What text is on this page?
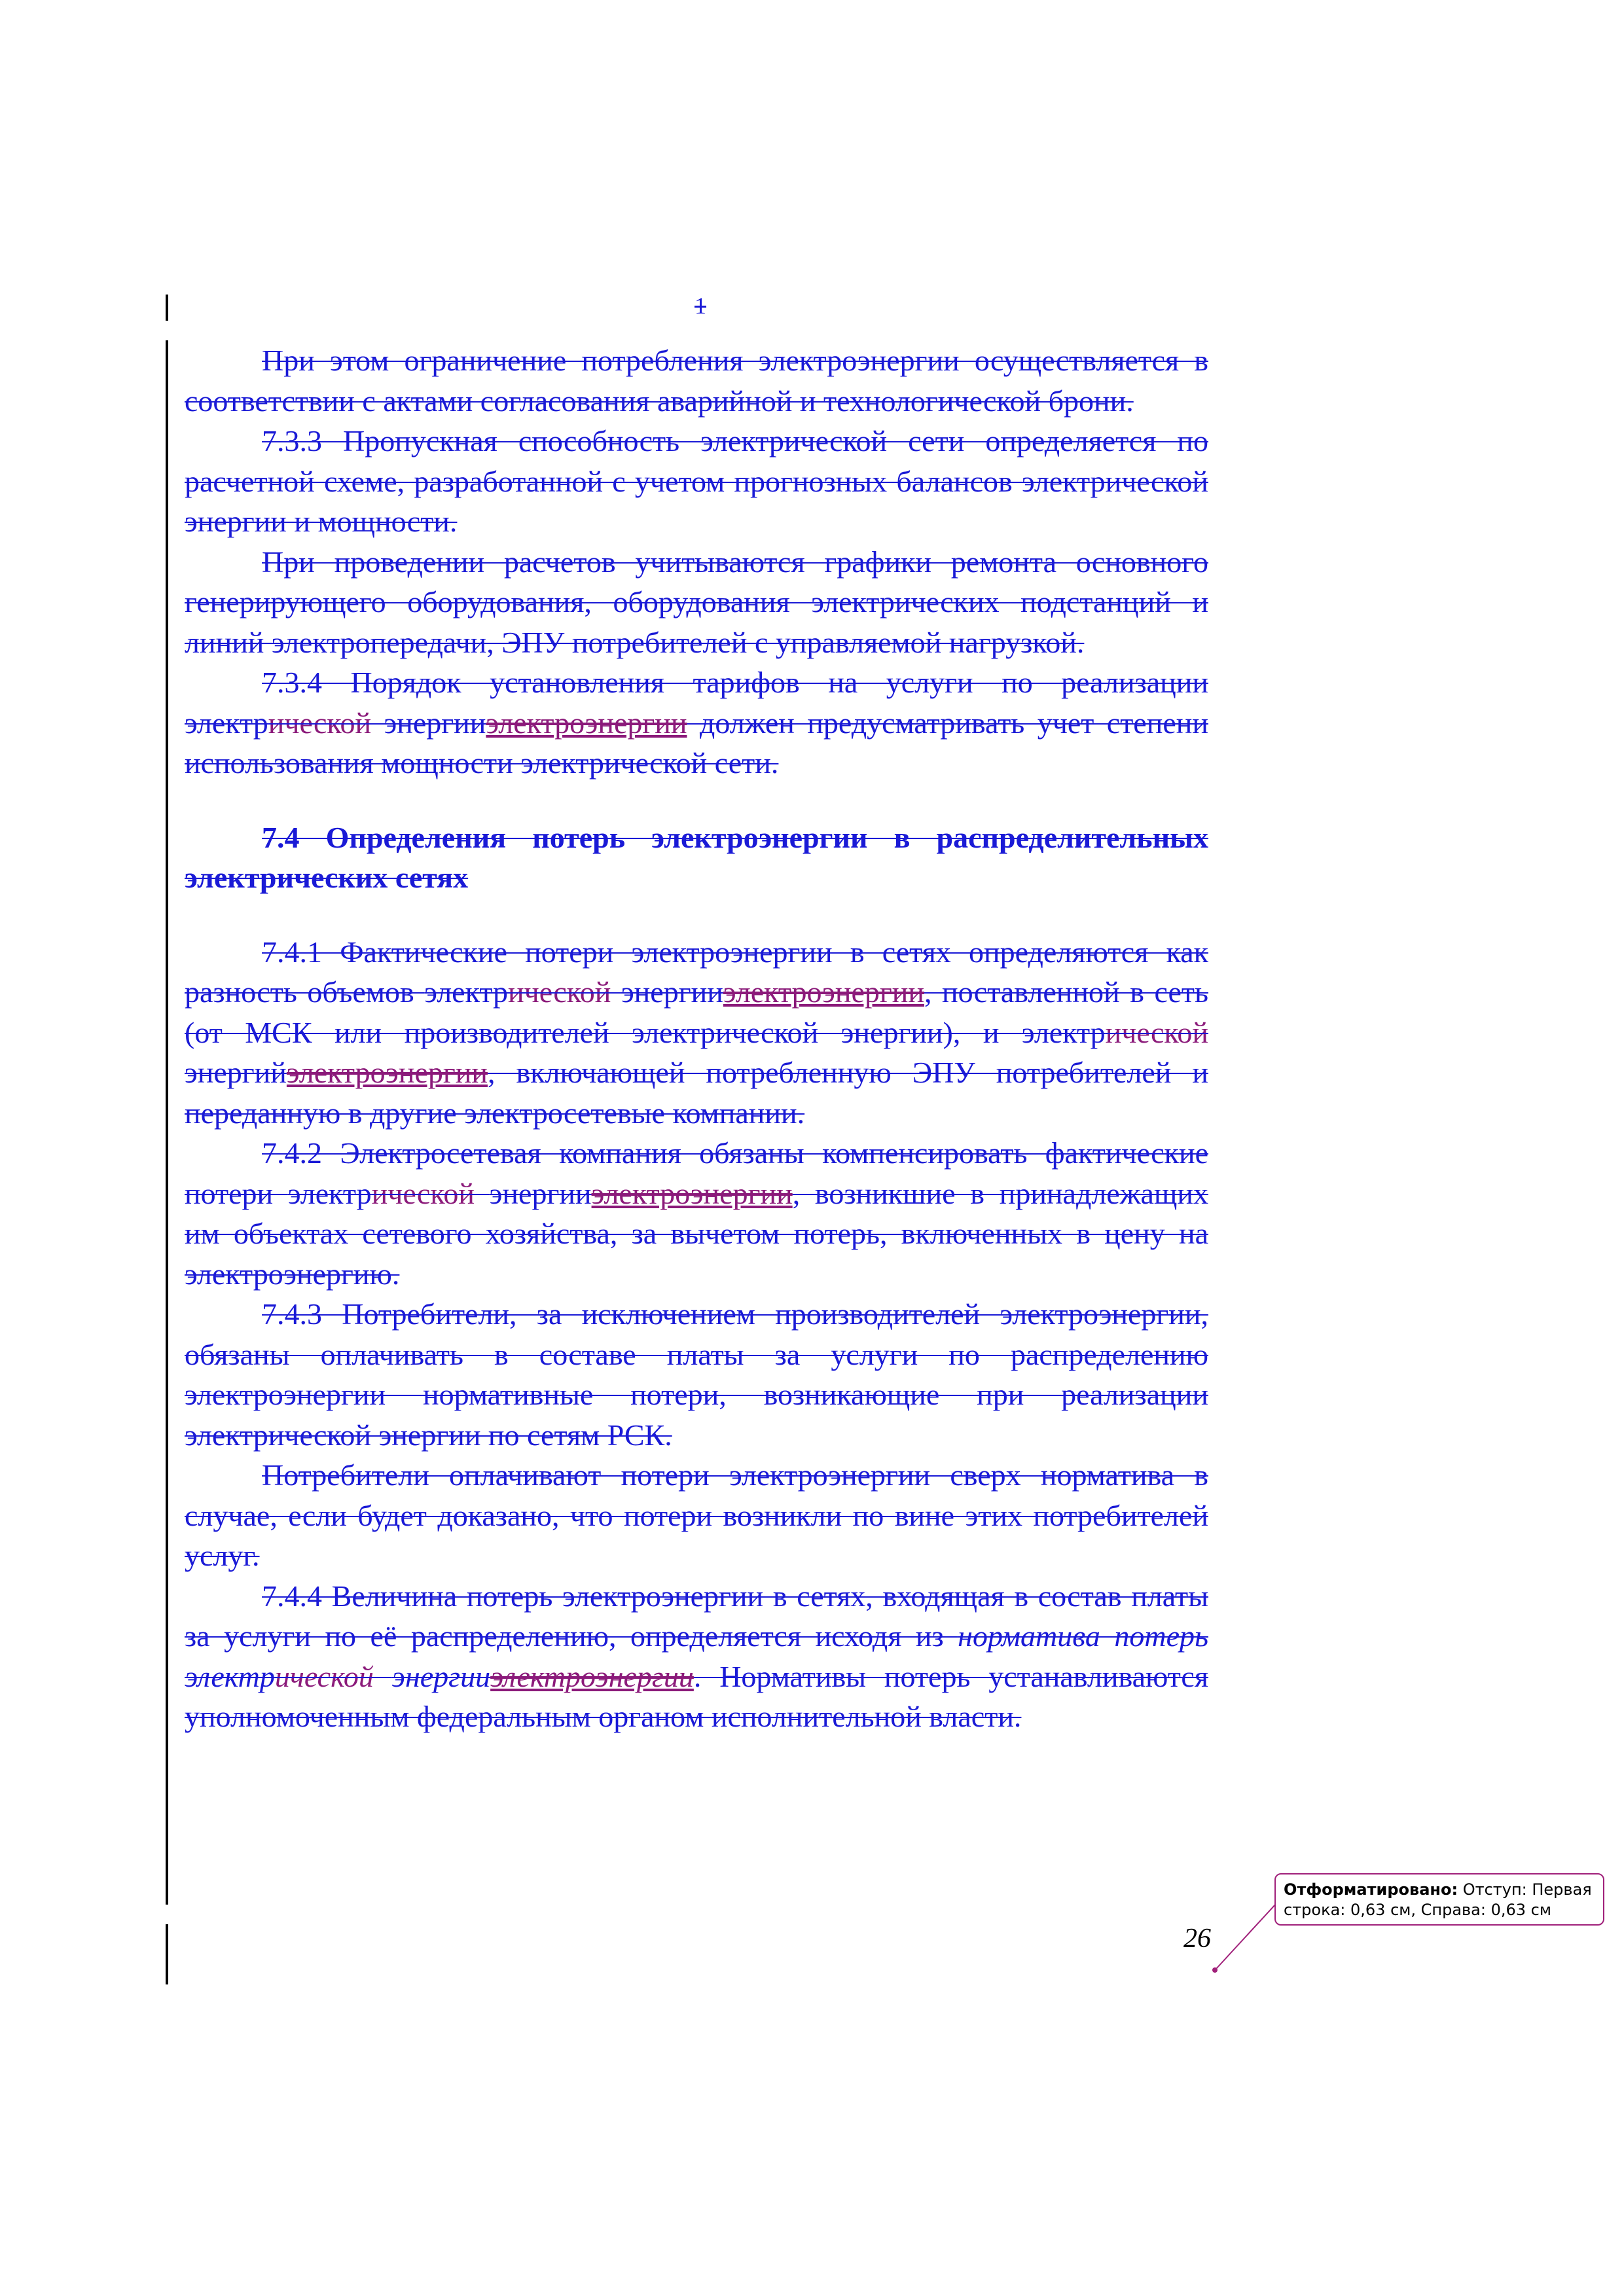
1

При этом ограничение потребления электроэнергии осуществляется в соответствии с актами согласования аварийной и технологической брони.

7.3.3 Пропускная способность электрической сети определяется по расчетной схеме, разработанной с учетом прогнозных балансов электрической энергии и мощности.

При проведении расчетов учитываются графики ремонта основного генерирующего оборудования, оборудования электрических подстанций и линий электропередачи, ЭПУ потребителей с управляемой нагрузкой.

7.3.4 Порядок установления тарифов на услуги по реализации электрической энергииэлектроэнергии должен предусматривать учет степени использования мощности электрической сети.

7.4 Определения потерь электроэнергии в распределительных электрических сетях

7.4.1 Фактические потери электроэнергии в сетях определяются как разность объемов электрической энергииэлектроэнергии, поставленной в сеть (от МСК или производителей электрической энергии), и электрической энергийэлектроэнергии, включающей потребленную ЭПУ потребителей и переданную в другие электросетевые компании.

7.4.2 Электросетевая компания обязаны компенсировать фактические потери электрической энергииэлектроэнергии, возникшие в принадлежащих им объектах сетевого хозяйства, за вычетом потерь, включенных в цену на электроэнергию.

7.4.3 Потребители, за исключением производителей электроэнергии, обязаны оплачивать в составе платы за услуги по распределению электроэнергии нормативные потери, возникающие при реализации электрической энергии по сетям РСК.

Потребители оплачивают потери электроэнергии сверх норматива в случае, если будет доказано, что потери возникли по вине этих потребителей услуг.

7.4.4 Величина потерь электроэнергии в сетях, входящая в состав платы за услуги по её распределению, определяется исходя из норматива потерь электрической энергииэлектроэнергии. Нормативы потерь устанавливаются уполномоченным федеральным органом исполнительной власти.

26
Отформатировано: Отступ: Первая строка: 0,63 см, Справа: 0,63 см
